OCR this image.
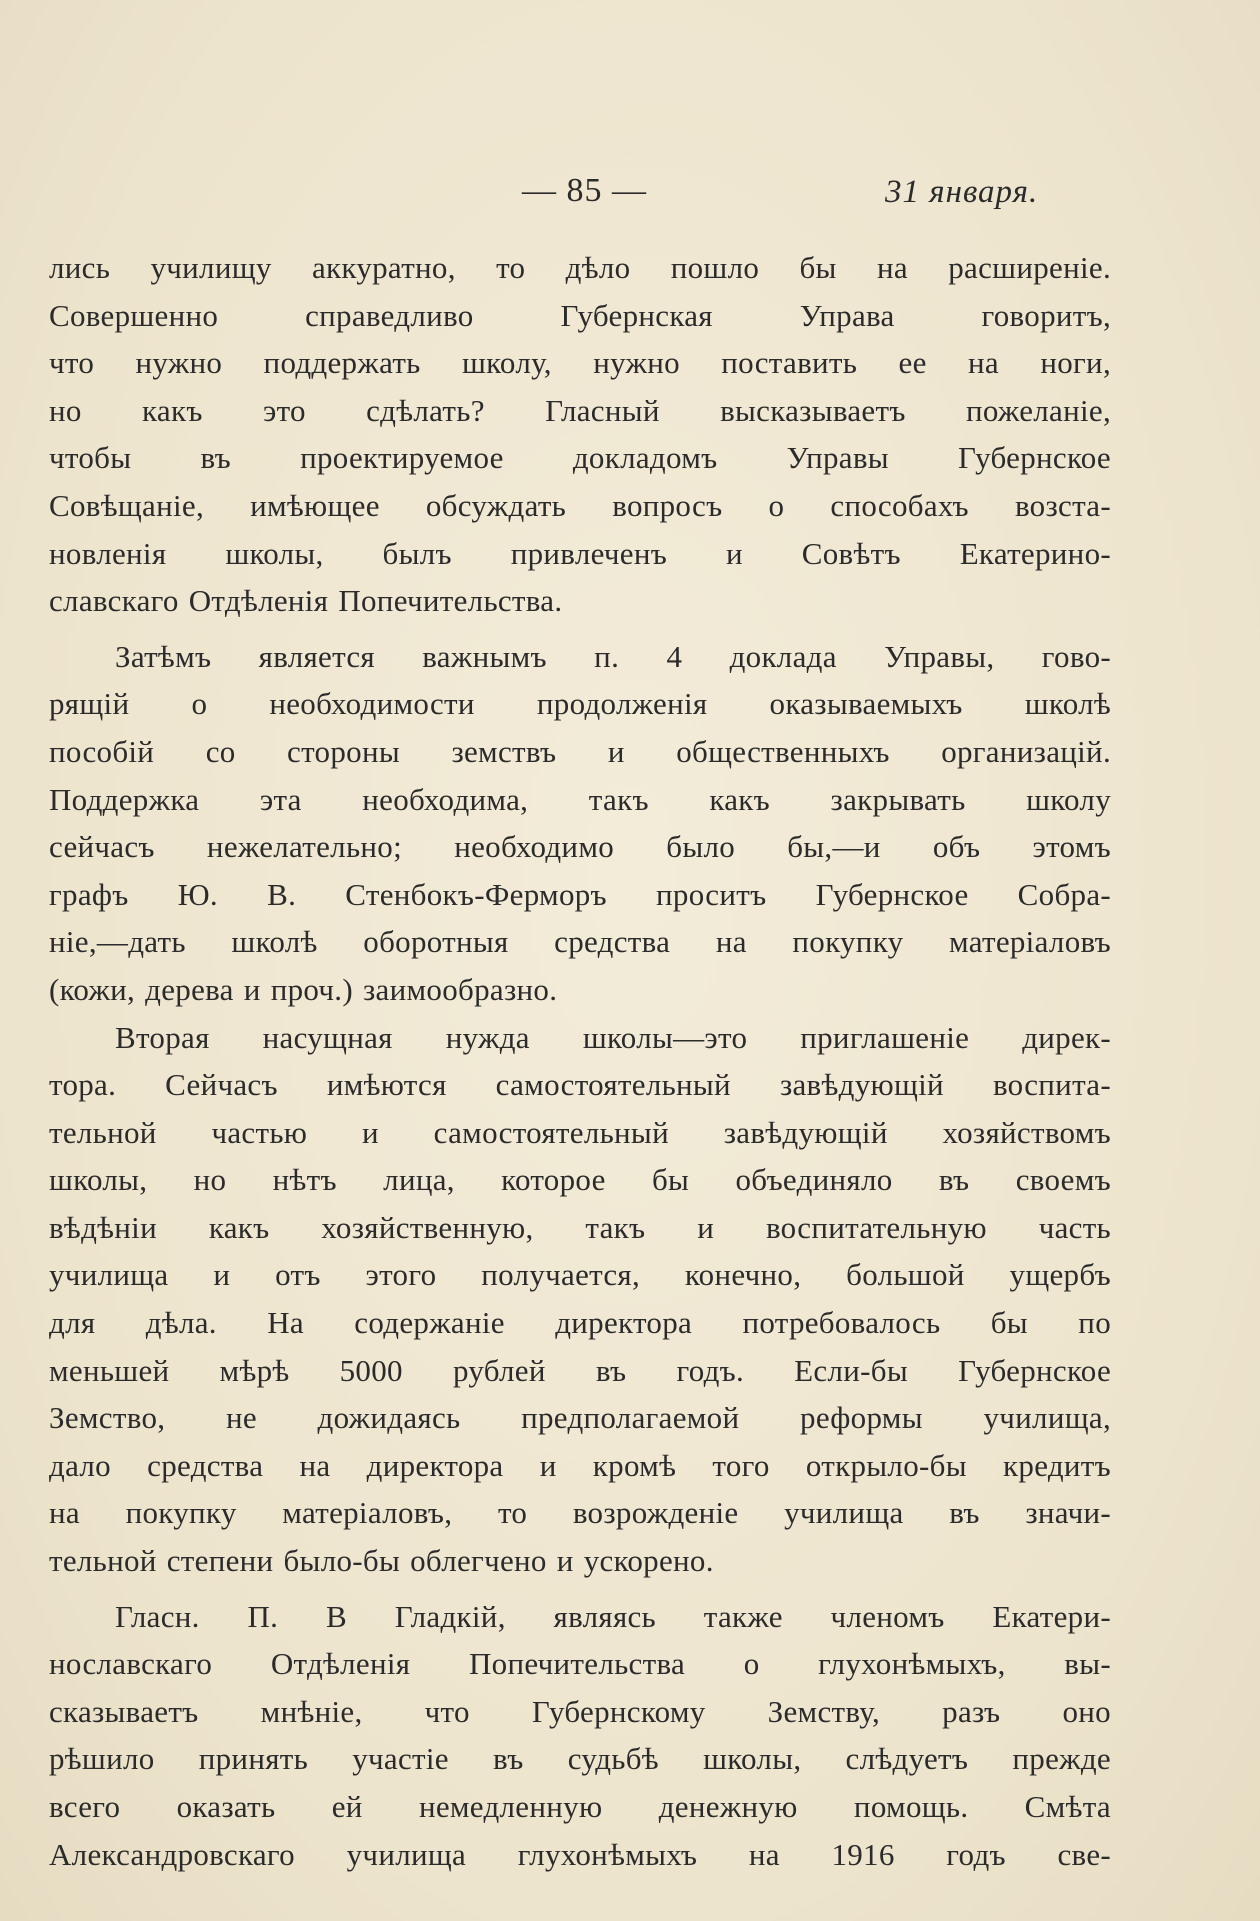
— 85 —	31 января.
лись училищу аккуратно, то дѣло пошло бы на расширеніе.
Совершенно справедливо Губернская Управа говоритъ,
что нужно поддержать школу, нужно поставить ее на ноги,
но какъ это сдѣлать? Гласный высказываетъ пожеланіе,
чтобы въ проектируемое докладомъ Управы Губернское
Совѣщаніе, имѣющее обсуждать вопросъ о способахъ возста-
новленія школы, былъ привлеченъ и Совѣтъ Екатерино-
славскаго Отдѣленія Попечительства.
Затѣмъ является важнымъ п. 4 доклада Управы, гово-
рящій о необходимости продолженія оказываемыхъ школѣ
пособій со стороны земствъ и общественныхъ организацій.
Поддержка эта необходима, такъ какъ закрывать школу
сейчасъ нежелательно; необходимо было бы,—и объ этомъ
графъ Ю. В. Стенбокъ-Ферморъ проситъ Губернское Собра-
ніе,—дать школѣ оборотныя средства на покупку матеріаловъ
(кожи, дерева и проч.) заимообразно.
Вторая насущная нужда школы—это приглашеніе дирек-
тора. Сейчасъ имѣются самостоятельный завѣдующій воспита-
тельной частью и самостоятельный завѣдующій хозяйствомъ
школы, но нѣтъ лица, которое бы объединяло въ своемъ
вѣдѣніи какъ хозяйственную, такъ и воспитательную часть
училища и отъ этого получается, конечно, большой ущербъ
для дѣла. На содержаніе директора потребовалось бы по
меньшей мѣрѣ 5000 рублей въ годъ. Если-бы Губернское
Земство, не дожидаясь предполагаемой реформы училища,
дало средства на директора и кромѣ того открыло-бы кредитъ
на покупку матеріаловъ, то возрожденіе училища въ значи-
тельной степени было-бы облегчено и ускорено.
Гласн. П. В Гладкій, являясь также членомъ Екатери-
нославскаго Отдѣленія Попечительства о глухонѣмыхъ, вы-
сказываетъ мнѣніе, что Губернскому Земству, разъ оно
рѣшило принять участіе въ судьбѣ школы, слѣдуетъ прежде
всего оказать ей немедленную денежную помощь. Смѣта
Александровскаго училища глухонѣмыхъ на 1916 годъ све-
